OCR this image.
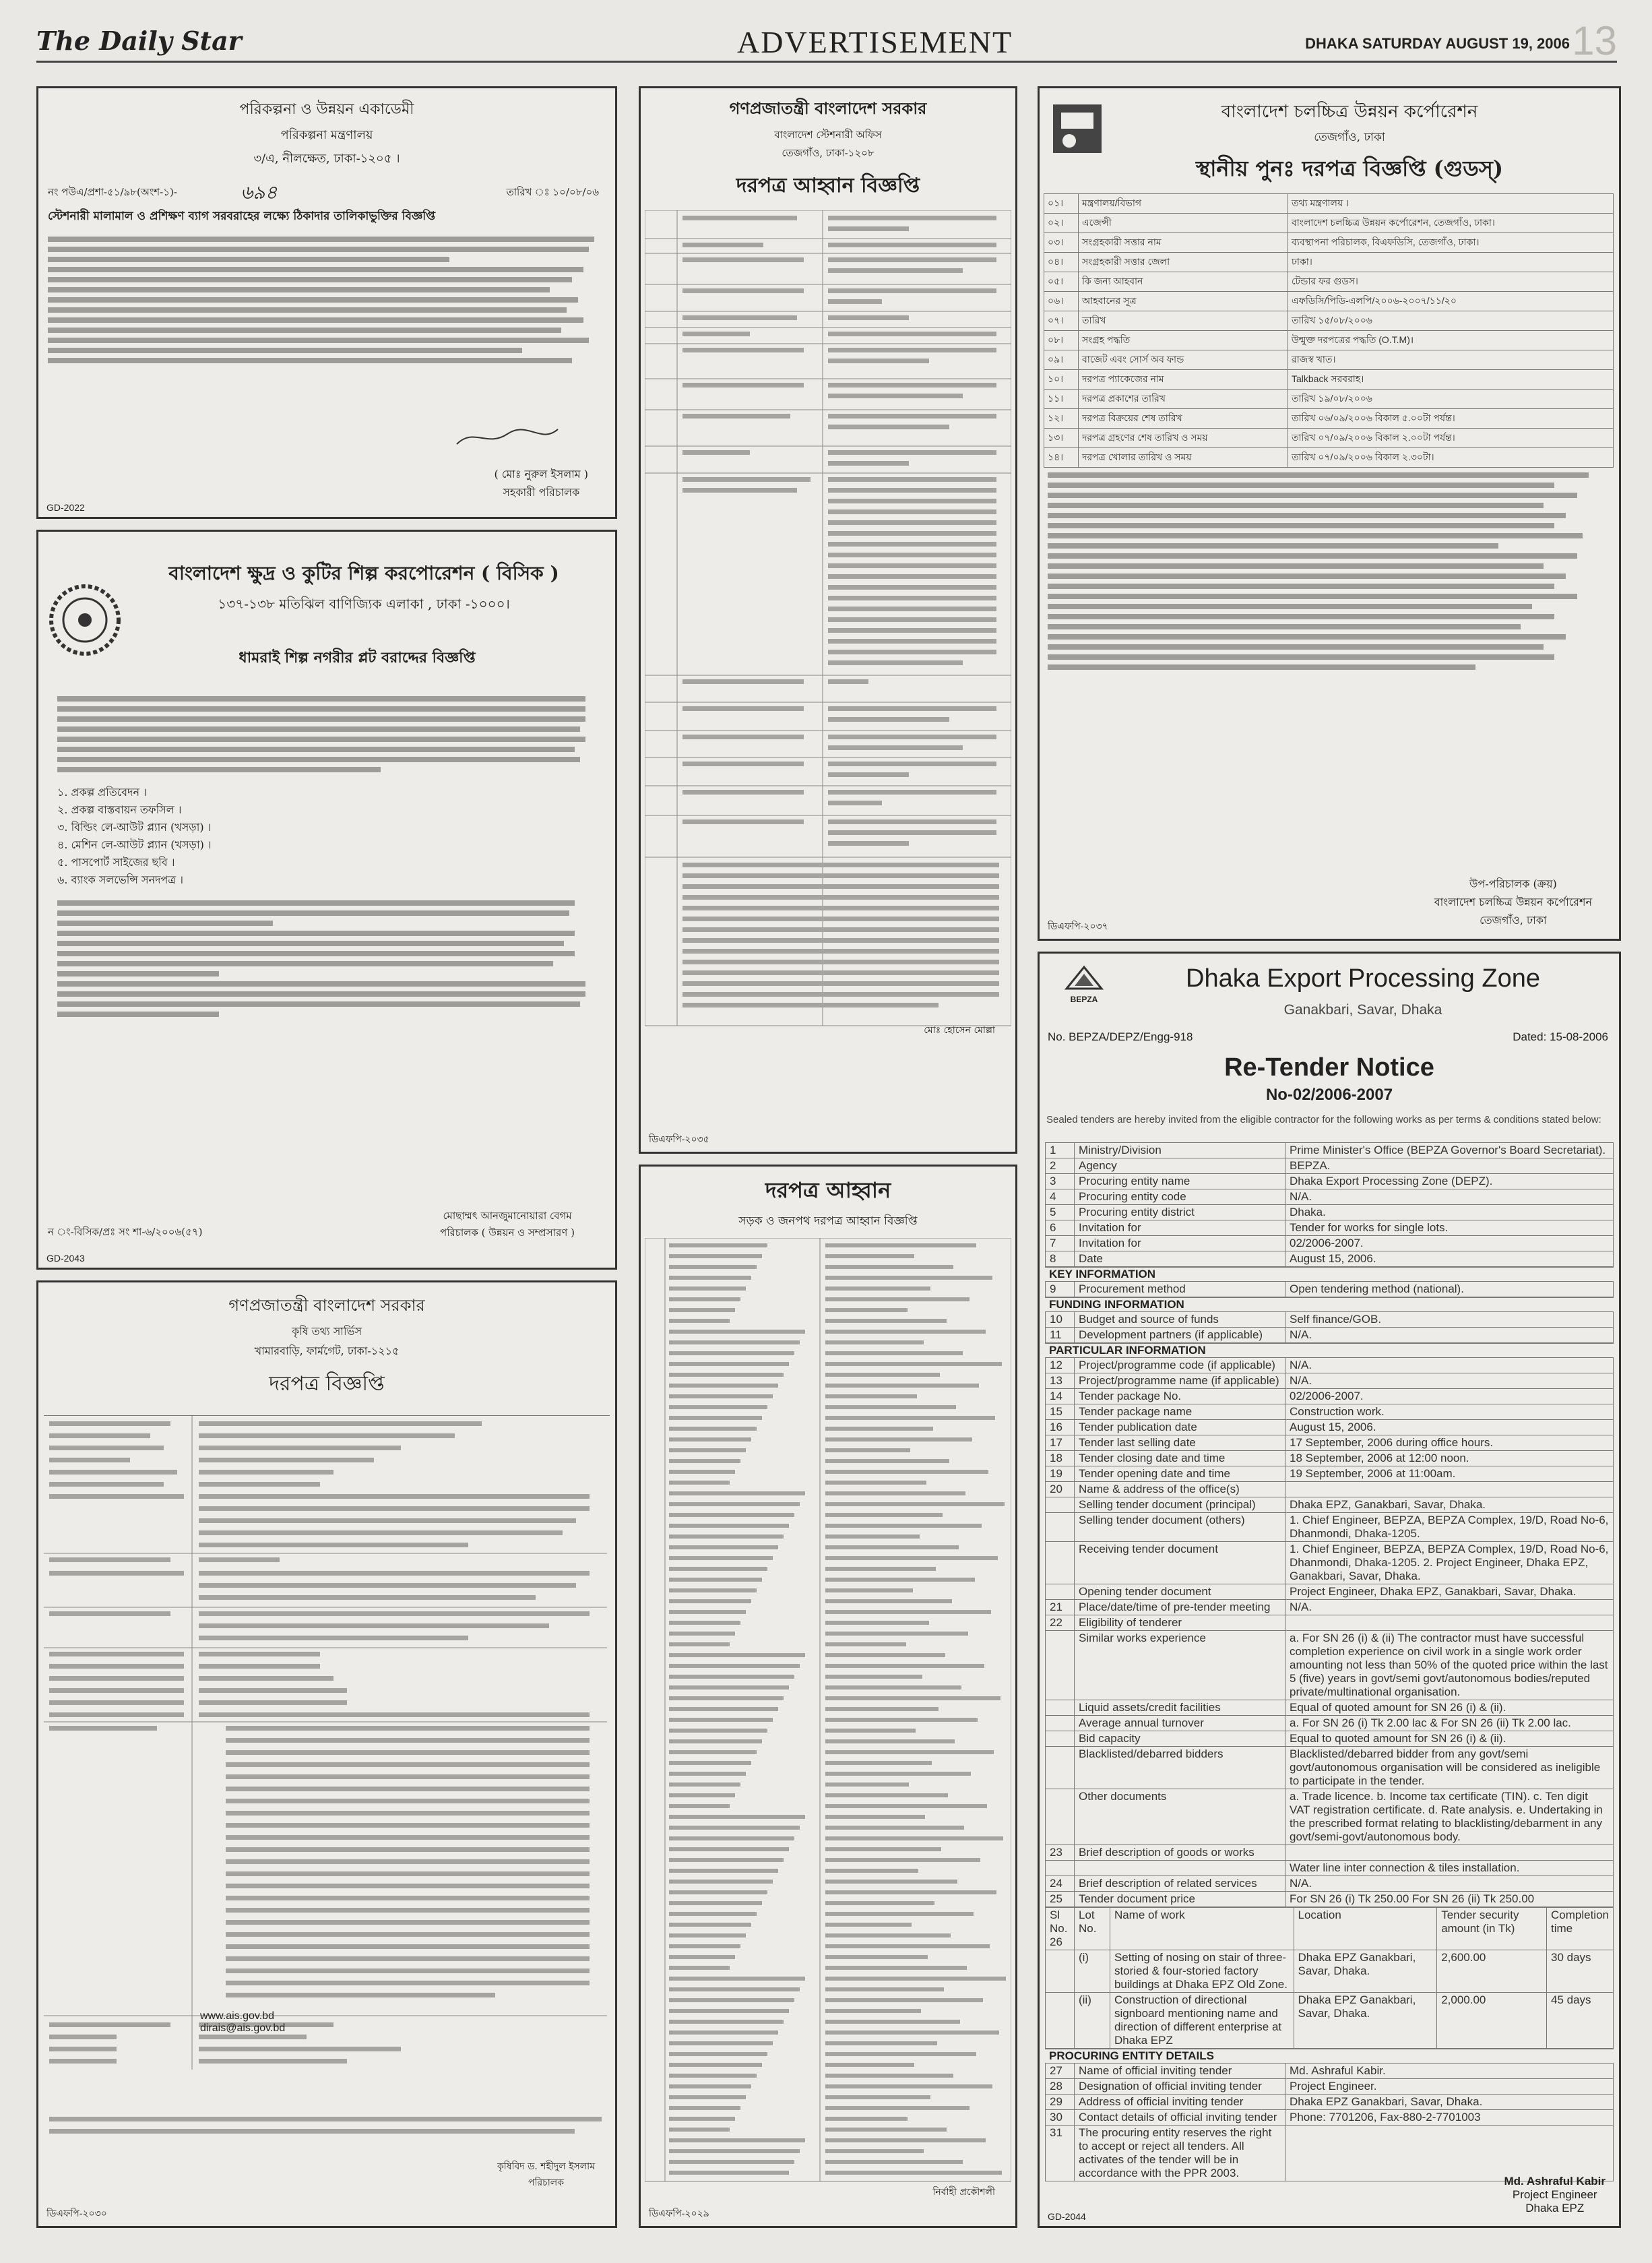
The Daily Star	ADVERTISEMENT	DHAKA SATURDAY AUGUST 19, 2006 13
পরিকল্পনা ও উন্নয়ন একাডেমী
পরিকল্পনা মন্ত্রণালয়
৩/এ, নীলক্ষেত, ঢাকা-১২০৫ ।
নং পউএ/প্রশা-৫১/৯৮(অংশ-১)-	৬৯৪	তারিখ ঃ ১০/০৮/০৬
স্টেশনারী মালামাল ও প্রশিক্ষণ ব্যাগ সরবরাহের লক্ষ্যে ঠিকাদার তালিকাভুক্তির বিজ্ঞপ্তি
( মোঃ নুরুল ইসলাম )
সহকারী পরিচালক
GD-2022
বাংলাদেশ ক্ষুদ্র ও কুটির শিল্প করপোরেশন ( বিসিক )
১৩৭-১৩৮ মতিঝিল বাণিজ্যিক এলাকা , ঢাকা -১০০০।
ধামরাই শিল্প নগরীর প্লট বরাদ্দের বিজ্ঞপ্তি
১. প্রকল্প প্রতিবেদন ।
২. প্রকল্প বাস্তবায়ন তফসিল ।
৩. বিল্ডিং লে-আউট প্ল্যান (খসড়া) ।
৪. মেশিন লে-আউট প্ল্যান (খসড়া) ।
৫. পাসপোর্ট সাইজের ছবি ।
৬. ব্যাংক সলভেন্সি সনদপত্র ।
ন ং-বিসিক/প্রঃ সং শা-৬/২০০৬(৫৭)
মোছাম্মৎ আনজুমানোয়ারা বেগম
পরিচালক ( উন্নয়ন ও সম্প্রসারণ )
GD-2043
গণপ্রজাতন্ত্রী বাংলাদেশ সরকার
কৃষি তথ্য সার্ভিস
খামারবাড়ি, ফার্মগেট, ঢাকা-১২১৫
দরপত্র বিজ্ঞপ্তি
www.ais.gov.bd
dirais@ais.gov.bd
কৃষিবিদ ড. শহীদুল ইসলাম
পরিচালক
ডিএফপি-২০৩০
গণপ্রজাতন্ত্রী বাংলাদেশ সরকার
বাংলাদেশ স্টেশনারী অফিস
তেজগাঁও, ঢাকা-১২০৮
দরপত্র আহ্বান বিজ্ঞপ্তি
মোঃ হোসেন মোল্লা
ডিএফপি-২০৩৫
দরপত্র আহ্বান
সড়ক ও জনপথ দরপত্র আহ্বান বিজ্ঞপ্তি
নির্বাহী প্রকৌশলী
ডিএফপি-২০২৯
বাংলাদেশ চলচ্চিত্র উন্নয়ন কর্পোরেশন
তেজগাঁও, ঢাকা
স্থানীয় পুনঃ দরপত্র বিজ্ঞপ্তি (গুডস্)
০১।	মন্ত্রণালয়/বিভাগ	তথ্য মন্ত্রণালয় ।
০২।	এজেন্সী	বাংলাদেশ চলচ্চিত্র উন্নয়ন কর্পোরেশন, তেজগাঁও, ঢাকা।
০৩।	সংগ্রহকারী সত্তার নাম	ব্যবস্থাপনা পরিচালক, বিএফডিসি, তেজগাঁও, ঢাকা।
০৪।	সংগ্রহকারী সত্তার জেলা	ঢাকা।
০৫।	কি জন্য আহবান	টেন্ডার ফর গুডস।
০৬।	আহবানের সূত্র	এফডিসি/পিডি-এলপি/২০০৬-২০০৭/১১/২০
০৭।	তারিখ	তারিখ ১৫/০৮/২০০৬
০৮।	সংগ্রহ পদ্ধতি	উন্মুক্ত দরপত্রের পদ্ধতি (O.T.M)।
০৯।	বাজেট এবং সোর্স অব ফান্ড	রাজস্ব খাত।
১০।	দরপত্র প্যাকেজের নাম	Talkback সরবরাহ।
১১।	দরপত্র প্রকাশের তারিখ	তারিখ ১৯/০৮/২০০৬
১২।	দরপত্র বিক্রয়ের শেষ তারিখ	তারিখ ০৬/০৯/২০০৬ বিকাল ৫.০০টা পর্যন্ত।
১৩।	দরপত্র গ্রহণের শেষ তারিখ ও সময়	তারিখ ০৭/০৯/২০০৬ বিকাল ২.০০টা পর্যন্ত।
১৪।	দরপত্র খোলার তারিখ ও সময়	তারিখ ০৭/০৯/২০০৬ বিকাল ২.৩০টা।
উপ-পরিচালক (ক্রয়)
বাংলাদেশ চলচ্চিত্র উন্নয়ন কর্পোরেশন
তেজগাঁও, ঢাকা
ডিএফপি-২০৩৭
BEPZA
Dhaka Export Processing Zone
Ganakbari, Savar, Dhaka
No. BEPZA/DEPZ/Engg-918	Dated: 15-08-2006
Re-Tender Notice
No-02/2006-2007
Sealed tenders are hereby invited from the eligible contractor for the following works as per terms & conditions stated below:
1	Ministry/Division	Prime Minister's Office (BEPZA Governor's Board Secretariat).
2	Agency	BEPZA.
3	Procuring entity name	Dhaka Export Processing Zone (DEPZ).
4	Procuring entity code	N/A.
5	Procuring entity district	Dhaka.
6	Invitation for	Tender for works for single lots.
7	Invitation for	02/2006-2007.
8	Date	August 15, 2006.
KEY INFORMATION
9	Procurement method	Open tendering method (national).
FUNDING INFORMATION
10	Budget and source of funds	Self finance/GOB.
11	Development partners (if applicable)	N/A.
PARTICULAR INFORMATION
12	Project/programme code (if applicable)	N/A.
13	Project/programme name (if applicable)	N/A.
14	Tender package No.	02/2006-2007.
15	Tender package name	Construction work.
16	Tender publication date	August 15, 2006.
17	Tender last selling date	17 September, 2006 during office hours.
18	Tender closing date and time	18 September, 2006 at 12:00 noon.
19	Tender opening date and time	19 September, 2006 at 11:00am.
20	Name & address of the office(s)	
	Selling tender document (principal)	Dhaka EPZ, Ganakbari, Savar, Dhaka.
	Selling tender document (others)	1. Chief Engineer, BEPZA, BEPZA Complex, 19/D, Road No-6, Dhanmondi, Dhaka-1205.
	Receiving tender document	1. Chief Engineer, BEPZA, BEPZA Complex, 19/D, Road No-6, Dhanmondi, Dhaka-1205. 2. Project Engineer, Dhaka EPZ, Ganakbari, Savar, Dhaka.
	Opening tender document	Project Engineer, Dhaka EPZ, Ganakbari, Savar, Dhaka.
21	Place/date/time of pre-tender meeting	N/A.
22	Eligibility of tenderer	
	Similar works experience	a. For SN 26 (i) & (ii) The contractor must have successful completion experience on civil work in a single work order amounting not less than 50% of the quoted price within the last 5 (five) years in govt/semi govt/autonomous bodies/reputed private/multinational organisation.
	Liquid assets/credit facilities	Equal of quoted amount for SN 26 (i) & (ii).
	Average annual turnover	a. For SN 26 (i) Tk 2.00 lac & For SN 26 (ii) Tk 2.00 lac.
	Bid capacity	Equal to quoted amount for SN 26 (i) & (ii).
	Blacklisted/debarred bidders	Blacklisted/debarred bidder from any govt/semi govt/autonomous organisation will be considered as ineligible to participate in the tender.
	Other documents	a. Trade licence. b. Income tax certificate (TIN). c. Ten digit VAT registration certificate. d. Rate analysis. e. Undertaking in the prescribed format relating to blacklisting/debarment in any govt/semi-govt/autonomous body.
23	Brief description of goods or works	
		Water line inter connection & tiles installation.
24	Brief description of related services	N/A.
25	Tender document price	For SN 26 (i) Tk 250.00 For SN 26 (ii) Tk 250.00
Sl No. 26	Lot No.	Name of work	Location	Tender security amount (in Tk)	Completion time
	(i)	Setting of nosing on stair of three-storied & four-storied factory buildings at Dhaka EPZ Old Zone.	Dhaka EPZ Ganakbari, Savar, Dhaka.	2,600.00	30 days
	(ii)	Construction of directional signboard mentioning name and direction of different enterprise at Dhaka EPZ	Dhaka EPZ Ganakbari, Savar, Dhaka.	2,000.00	45 days
PROCURING ENTITY DETAILS
27	Name of official inviting tender	Md. Ashraful Kabir.
28	Designation of official inviting tender	Project Engineer.
29	Address of official inviting tender	Dhaka EPZ Ganakbari, Savar, Dhaka.
30	Contact details of official inviting tender	Phone: 7701206, Fax-880-2-7701003
31	The procuring entity reserves the right to accept or reject all tenders. All activates of the tender will be in accordance with the PPR 2003.	
Md. Ashraful Kabir
Project Engineer
Dhaka EPZ
GD-2044
